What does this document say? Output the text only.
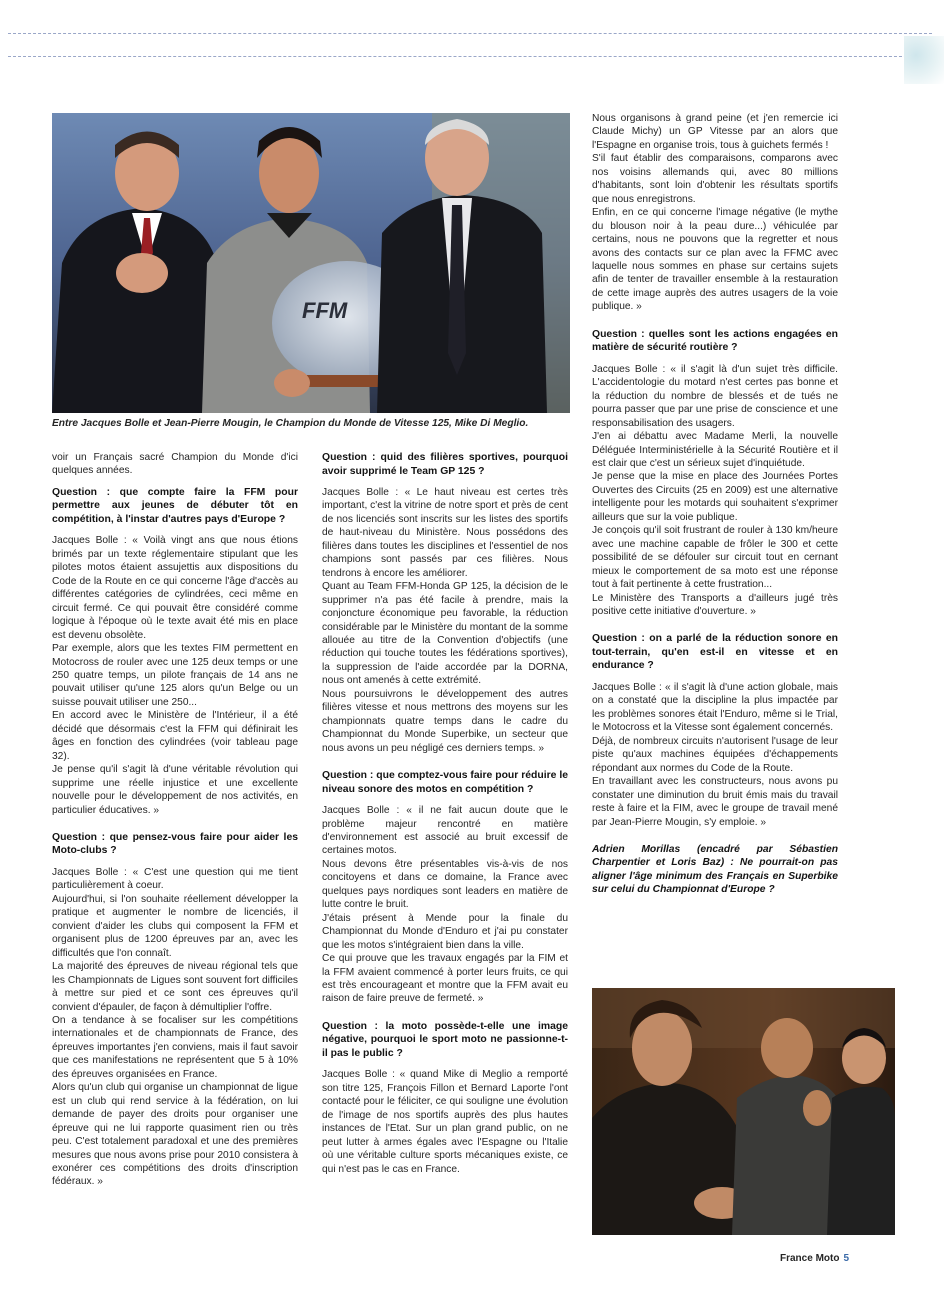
FFM
Entre Jacques Bolle et Jean-Pierre Mougin, le Champion du Monde de Vitesse 125, Mike Di Meglio.

voir un Français sacré Champion du Monde d'ici quelques années.

Question : que compte faire la FFM pour permettre aux jeunes de débuter tôt en compétition, à l'instar d'autres pays d'Europe ?

Jacques Bolle : « Voilà vingt ans que nous étions brimés par un texte réglementaire stipulant que les pilotes motos étaient assujettis aux dispositions du Code de la Route en ce qui concerne l'âge d'accès au différentes catégories de cylindrées, ceci même en circuit fermé. Ce qui pouvait être considéré comme logique à l'époque où le texte avait été mis en place est devenu obsolète.

Par exemple, alors que les textes FIM permettent en Motocross de rouler avec une 125 deux temps or une 250 quatre temps, un pilote français de 14 ans ne pouvait utiliser qu'une 125 alors qu'un Belge ou un suisse pouvait utiliser une 250...

En accord avec le Ministère de l'Intérieur, il a été décidé que désormais c'est la FFM qui définirait les âges en fonction des cylindrées (voir tableau page 32).

Je pense qu'il s'agit là d'une véritable révolution qui supprime une réelle injustice et une excellente nouvelle pour le développement de nos activités, en particulier éducatives. »

Question : que pensez-vous faire pour aider les Moto-clubs ?

Jacques Bolle : « C'est une question qui me tient particulièrement à coeur.

Aujourd'hui, si l'on souhaite réellement développer la pratique et augmenter le nombre de licenciés, il convient d'aider les clubs qui composent la FFM et organisent plus de 1200 épreuves par an, avec les difficultés que l'on connaît.

La majorité des épreuves de niveau régional tels que les Championnats de Ligues sont souvent fort difficiles à mettre sur pied et ce sont ces épreuves qu'il convient d'épauler, de façon à démultiplier l'offre.

On a tendance à se focaliser sur les compétitions internationales et de championnats de France, des épreuves importantes j'en conviens, mais il faut savoir que ces manifestations ne représentent que 5 à 10% des épreuves organisées en France.

Alors qu'un club qui organise un championnat de ligue est un club qui rend service à la fédération, on lui demande de payer des droits pour organiser une épreuve qui ne lui rapporte quasiment rien ou très peu. C'est totalement paradoxal et une des premières mesures que nous avons prise pour 2010 consistera à exonérer ces compétitions des droits d'inscription fédéraux. »

Question : quid des filières sportives, pourquoi avoir supprimé le Team GP 125 ?

Jacques Bolle : « Le haut niveau est certes très important, c'est la vitrine de notre sport et près de cent de nos licenciés sont inscrits sur les listes des sportifs de haut-niveau du Ministère. Nous possédons des filières dans toutes les disciplines et l'essentiel de nos champions sont passés par ces filières. Nous tendrons à encore les améliorer.

Quant au Team FFM-Honda GP 125, la décision de le supprimer n'a pas été facile à prendre, mais la conjoncture économique peu favorable, la réduction considérable par le Ministère du montant de la somme allouée au titre de la Convention d'objectifs (une réduction qui touche toutes les fédérations sportives), la suppression de l'aide accordée par la DORNA, nous ont amenés à cette extrémité.

Nous poursuivrons le développement des autres filières vitesse et nous mettrons des moyens sur les championnats quatre temps dans le cadre du Championnat du Monde Superbike, un secteur que nous avons un peu négligé ces derniers temps. »

Question : que comptez-vous faire pour réduire le niveau sonore des motos en compétition ?

Jacques Bolle : « il ne fait aucun doute que le problème majeur rencontré en matière d'environnement est associé au bruit excessif de certaines motos.

Nous devons être présentables vis-à-vis de nos concitoyens et dans ce domaine, la France avec quelques pays nordiques sont leaders en matière de lutte contre le bruit.

J'étais présent à Mende pour la finale du Championnat du Monde d'Enduro et j'ai pu constater que les motos s'intégraient bien dans la ville.

Ce qui prouve que les travaux engagés par la FIM et la FFM avaient commencé à porter leurs fruits, ce qui est très encourageant et montre que la FFM avait eu raison de faire preuve de fermeté. »

Question : la moto possède-t-elle une image négative, pourquoi le sport moto ne passionne-t-il pas le public ?

Jacques Bolle : « quand Mike di Meglio a remporté son titre 125, François Fillon et Bernard Laporte l'ont contacté pour le féliciter, ce qui souligne une évolution de l'image de nos sportifs auprès des plus hautes instances de l'Etat. Sur un plan grand public, on ne peut lutter à armes égales avec l'Espagne ou l'Italie où une véritable culture sports mécaniques existe, ce qui n'est pas le cas en France.

Nous organisons à grand peine (et j'en remercie ici Claude Michy) un GP Vitesse par an alors que l'Espagne en organise trois, tous à guichets fermés !

S'il faut établir des comparaisons, comparons avec nos voisins allemands qui, avec 80 millions d'habitants, sont loin d'obtenir les résultats sportifs que nous enregistrons.

Enfin, en ce qui concerne l'image négative (le mythe du blouson noir à la peau dure...) véhiculée par certains, nous ne pouvons que la regretter et nous avons des contacts sur ce plan avec la FFMC avec laquelle nous sommes en phase sur certains sujets afin de tenter de travailler ensemble à la restauration de cette image auprès des autres usagers de la voie publique. »

Question : quelles sont les actions engagées en matière de sécurité routière ?

Jacques Bolle : « il s'agit là d'un sujet très difficile. L'accidentologie du motard n'est certes pas bonne et la réduction du nombre de blessés et de tués ne pourra passer que par une prise de conscience et une responsabilisation des usagers.

J'en ai débattu avec Madame Merli, la nouvelle Déléguée Interministérielle à la Sécurité Routière et il est clair que c'est un sérieux sujet d'inquiétude.

Je pense que la mise en place des Journées Portes Ouvertes des Circuits (25 en 2009) est une alternative intelligente pour les motards qui souhaitent s'exprimer ailleurs que sur la voie publique.

Je conçois qu'il soit frustrant de rouler à 130 km/heure avec une machine capable de frôler le 300 et cette possibilité de se défouler sur circuit tout en cernant mieux le comportement de sa moto est une réponse tout à fait pertinente à cette frustration...

Le Ministère des Transports a d'ailleurs jugé très positive cette initiative d'ouverture. »

Question : on a parlé de la réduction sonore en tout-terrain, qu'en est-il en vitesse et en endurance ?

Jacques Bolle : « il s'agit là d'une action globale, mais on a constaté que la discipline la plus impactée par les problèmes sonores était l'Enduro, même si le Trial, le Motocross et la Vitesse sont également concernés.

Déjà, de nombreux circuits n'autorisent l'usage de leur piste qu'aux machines équipées d'échappements répondant aux normes du Code de la Route.

En travaillant avec les constructeurs, nous avons pu constater une diminution du bruit émis mais du travail reste à faire et la FIM, avec le groupe de travail mené par Jean-Pierre Mougin, s'y emploie. »

Adrien Morillas (encadré par Sébastien Charpentier et Loris Baz) : Ne pourrait-on pas aligner l'âge minimum des Français en Superbike sur celui du Championnat d'Europe ?
France Moto 5
